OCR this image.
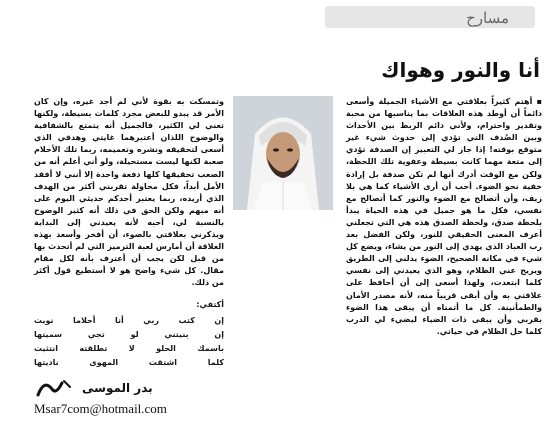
مسارح
أنا والنور وهواك

▪ أهتم كثيراً بعلاقتي مع الأشياء الجميلة وأسعى دائماً أن أوطد هذه العلاقات بما يناسبها من محبة وتقدير واحترام، ولأني دائم الربط بين الأحداث وبين الصُدف التي تؤدي إلى حدوث شيء غير متوقع بوقته! إذا جاز لي التعبير إن الصدفة تؤدي إلى متعة مهما كانت بسيطة وعفوية تلك اللحظة، ولكن مع الوقت أدرك أنها لم تكن صدفة بل إرادة خفية نحو الضوء. أحب أن أرى الأشياء كما هي بلا زيف، وأن أتصالح مع الضوء والنور كما أتصالح مع نفسي، فكل ما هو جميل في هذه الحياة يبدأ بلحظة صدق، ولحظة الصدق هذه هي التي تجعلني أعرف المعنى الحقيقي للنور، ولكن الفضل بعد رب العباد الذي يهدي إلى النور من يشاء، ويضع كل شيء في مكانه الصحيح، الضوء يدلني إلى الطريق ويزيح عني الظلام، وهو الذي يعيدني إلى نفسي كلما ابتعدت، ولهذا أسعى إلى أن أحافظ على علاقتي به وأن أبقى قريباً منه، لأنه مصدر الأمان والطمأنينة. كل ما أتمناه أن يبقى هذا الضوء بقربي وأن يبقى ذات الضياء ليضيء لي الدرب كلما حل الظلام في حياتي.

وتمسكت به بقوة لأني لم أجد غيره، وإن كان الأمر قد يبدو للبعض مجرد كلمات بسيطة، ولكنها تعني لي الكثير، فالجميل أنه يتمتع بالشفافية والوضوح اللذان أعتبرهما غايتي وهدفي الذي أسعى لتحقيقه ونشره وتعميمه، ربما تلك الأحلام صعبة لكنها ليست مستحيلة، ولو أني أعلم أنه من الصعب تحقيقها كلها دفعة واحدة إلا أنني لا أفقد الأمل أبداً، فكل محاولة تقربني أكثر من الهدف الذي أريده، ربما يعتبر أحدكم حديثي اليوم على أنه مبهم ولكن الحق في ذلك أنه كثير الوضوح بالنسبة لي، أحبه لأنه يعيدني إلى البداية ويذكرني بعلاقتي بالضوء، أن أفخر وأسعد بهذه العلاقة أن أمارس لعبة الترميز التي لم أتحدث بها من قبل لكن يجب أن أعترف بأنه لكل مقام مقال. كل شيء واضح هو لا أستطيع قول أكثر من ذلك.

أكتفي:
إن كتب ربي أنا أحلاما نويت
إن بنيتني لو تجي سميتها
باسمك الحلو لا تطلقته انتثيت
كلما اشتقت المهوى ناديتها
بدر الموسى
Msar7com@hotmail.com
